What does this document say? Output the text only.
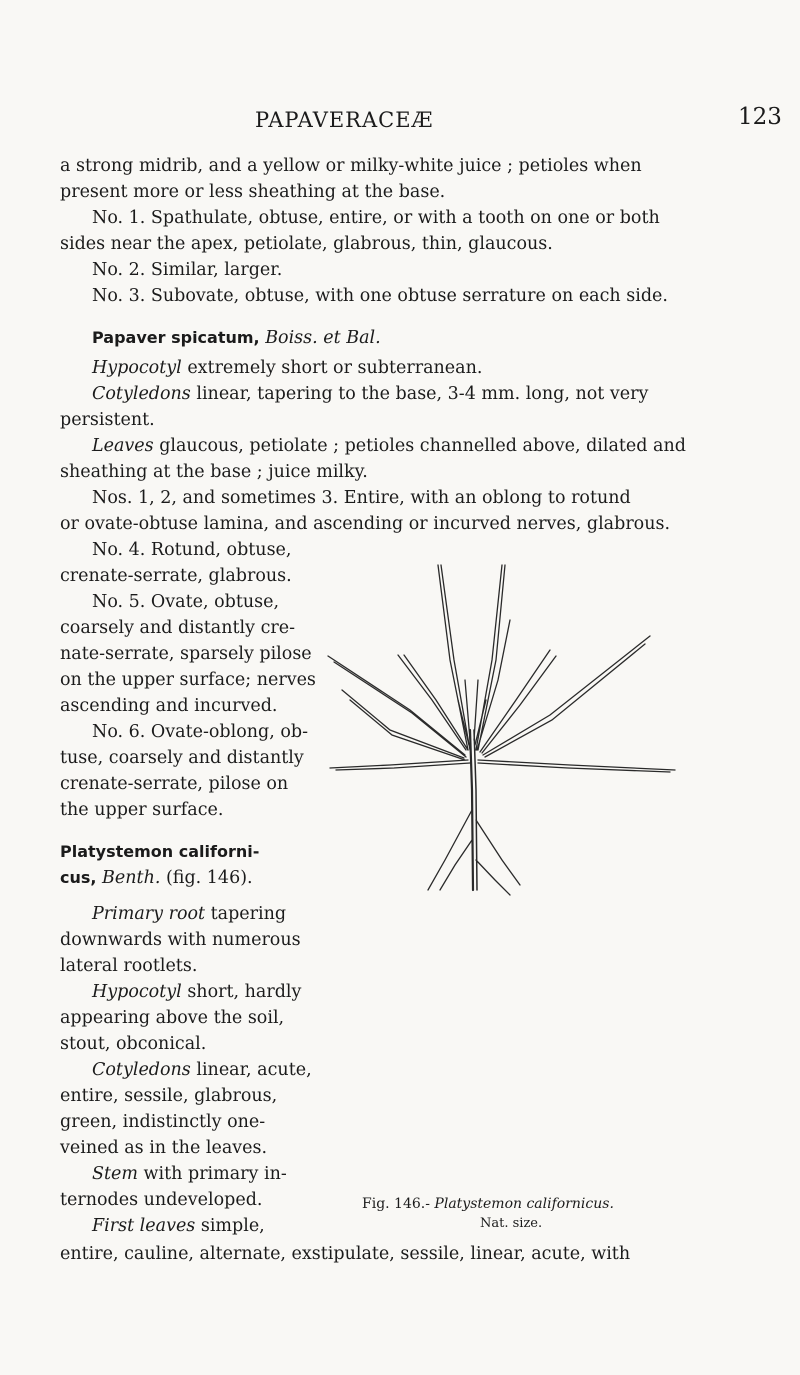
PAPAVERACEÆ	123
a strong midrib, and a yellow or milky-white juice ; petioles when
present more or less sheathing at the base.
No. 1. Spathulate, obtuse, entire, or with a tooth on one or both
sides near the apex, petiolate, glabrous, thin, glaucous.
No. 2. Similar, larger.
No. 3. Subovate, obtuse, with one obtuse serrature on each side.
Papaver spicatum, Boiss. et Bal.
Hypocotyl extremely short or subterranean.
Cotyledons linear, tapering to the base, 3-4 mm. long, not very
persistent.
Leaves glaucous, petiolate ; petioles channelled above, dilated and
sheathing at the base ; juice milky.
Nos. 1, 2, and sometimes 3. Entire, with an oblong to rotund
or ovate-obtuse lamina, and ascending or incurved nerves, glabrous.
No. 4. Rotund, obtuse,
crenate-serrate, glabrous.
No. 5. Ovate, obtuse,
coarsely and distantly cre-
nate-serrate, sparsely pilose
on the upper surface; nerves
ascending and incurved.
No. 6. Ovate-oblong, ob-
tuse, coarsely and distantly
crenate-serrate, pilose on
the upper surface.
Platystemon californi-
cus, Benth. (fig. 146).
Primary root tapering
downwards with numerous
lateral rootlets.
Hypocotyl short, hardly
appearing above the soil,
stout, obconical.
Cotyledons linear, acute,
entire, sessile, glabrous,
green, indistinctly one-
veined as in the leaves.
Stem with primary in-
ternodes undeveloped.
First leaves simple,
entire, cauline, alternate, exstipulate, sessile, linear, acute, with
Fig. 146.- Platystemon californicus.
Nat. size.
